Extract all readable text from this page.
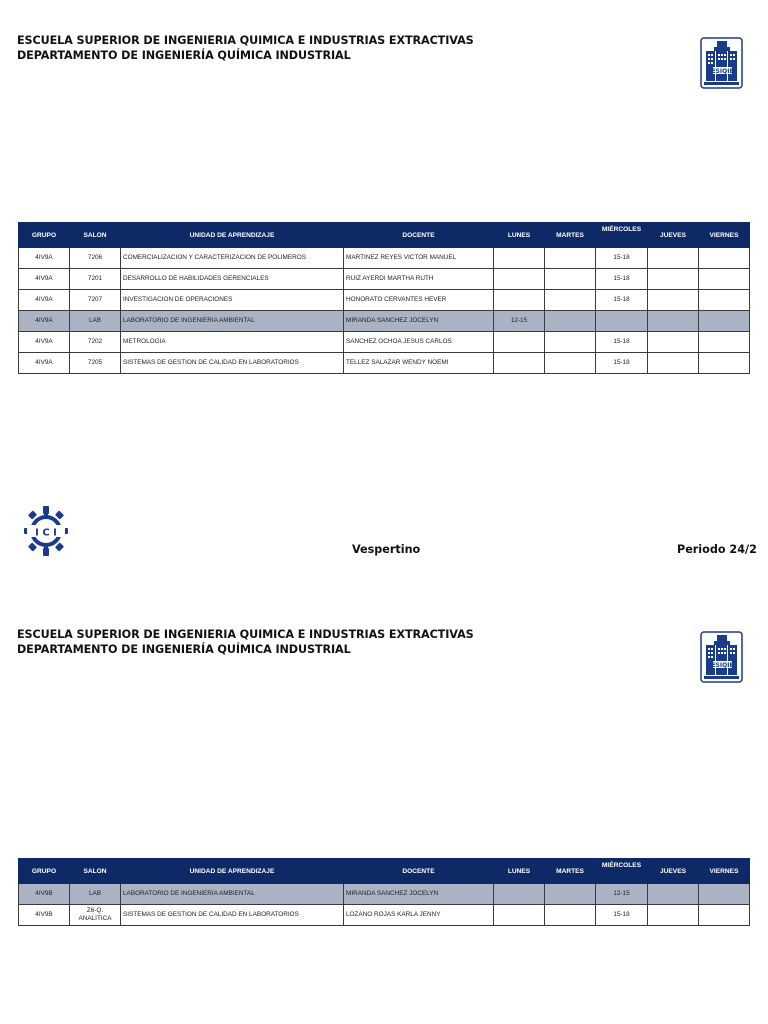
ESCUELA SUPERIOR DE INGENIERIA QUIMICA E INDUSTRIAS EXTRACTIVAS
DEPARTAMENTO DE INGENIERÍA QUÍMICA INDUSTRIAL
ESIQIE
GRUPO	SALON	UNIDAD DE APRENDIZAJE	DOCENTE	LUNES	MARTES	MIÉRCOLES	JUEVES	VIERNES
4IV9A	7206	COMERCIALIZACION Y CARACTERIZACION DE POLIMEROS	MARTINEZ REYES VICTOR MANUEL			15-18		
4IV9A	7201	DESARROLLO DE HABILIDADES GERENCIALES	RUIZ AYERDI MARTHA RUTH			15-18		
4IV9A	7207	INVESTIGACION DE OPERACIONES	HONORATO CERVANTES HEVER			15-18		
4IV9A	LAB	LABORATORIO DE INGENIERIA AMBIENTAL	MIRANDA SANCHEZ JOCELYN	12-15				
4IV9A	7202	METROLOGIA	SANCHEZ OCHOA JESUS CARLOS			15-18		
4IV9A	7205	SISTEMAS DE GESTION DE CALIDAD EN LABORATORIOS	TELLEZ SALAZAR WENDY NOEMI			15-18		
I C I
Vespertino	Periodo 24/2
ESCUELA SUPERIOR DE INGENIERIA QUIMICA E INDUSTRIAS EXTRACTIVAS
DEPARTAMENTO DE INGENIERÍA QUÍMICA INDUSTRIAL
ESIQIE
GRUPO	SALON	UNIDAD DE APRENDIZAJE	DOCENTE	LUNES	MARTES	MIÉRCOLES	JUEVES	VIERNES
4IV9B	LAB	LABORATORIO DE INGENIERIA AMBIENTAL	MIRANDA SANCHEZ JOCELYN			12-15		
4IV9B	Z6-Q.
ANALITICA	SISTEMAS DE GESTION DE CALIDAD EN LABORATORIOS	LOZANO ROJAS KARLA JENNY			15-18		
